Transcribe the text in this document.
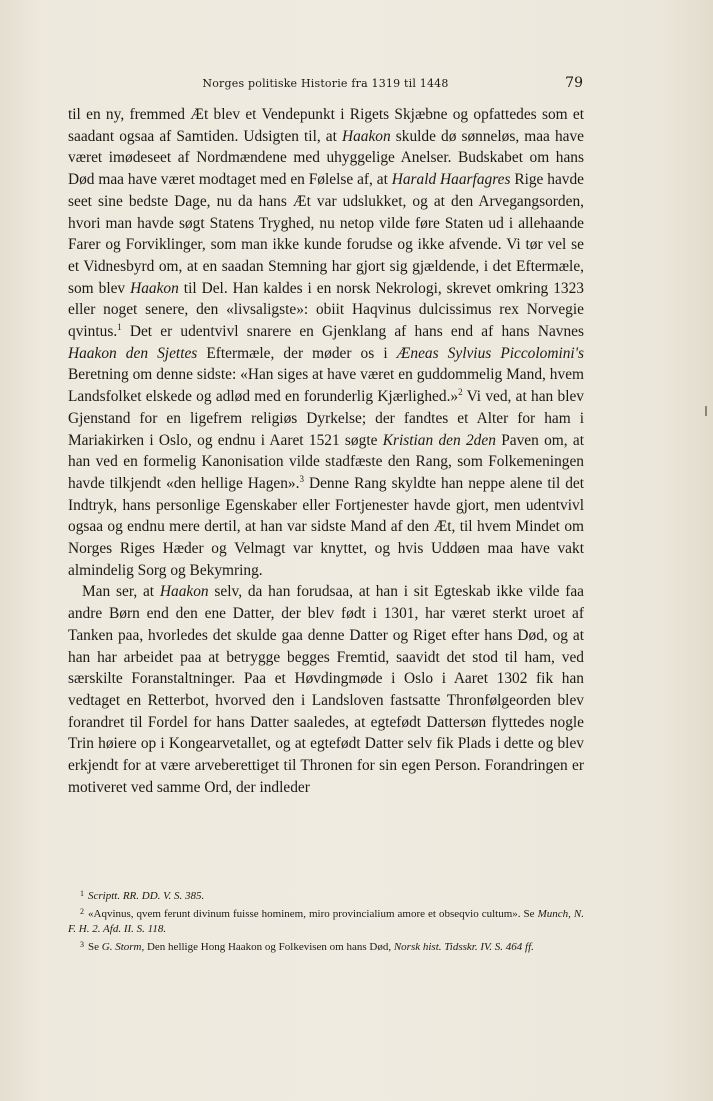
Norges politiske Historie fra 1319 til 1448	79

til en ny, fremmed Æt blev et Vendepunkt i Rigets Skjæbne og opfattedes som et saadant ogsaa af Samtiden. Udsigten til, at Haakon skulde dø sønneløs, maa have været imødeseet af Nordmændene med uhyggelige Anelser. Budskabet om hans Død maa have været modtaget med en Følelse af, at Harald Haarfagres Rige havde seet sine bedste Dage, nu da hans Æt var udslukket, og at den Arvegangsorden, hvori man havde søgt Statens Tryghed, nu netop vilde føre Staten ud i allehaande Farer og Forviklinger, som man ikke kunde forudse og ikke afvende. Vi tør vel se et Vidnesbyrd om, at en saadan Stemning har gjort sig gjældende, i det Eftermæle, som blev Haakon til Del. Han kaldes i en norsk Nekrologi, skrevet omkring 1323 eller noget senere, den «livsaligste»: obiit Haqvinus dulcissimus rex Norvegie qvintus.$^1$ Det er udentvivl snarere en Gjenklang af hans end af hans Navnes Haakon den Sjettes Eftermæle, der møder os i Æneas Sylvius Piccolomini's Beretning om denne sidste: «Han siges at have været en guddommelig Mand, hvem Landsfolket elskede og adlød med en forunderlig Kjærlighed.»$^2$ Vi ved, at han blev Gjenstand for en ligefrem religiøs Dyrkelse; der fandtes et Alter for ham i Mariakirken i Oslo, og endnu i Aaret 1521 søgte Kristian den 2den Paven om, at han ved en formelig Kanonisation vilde stadfæste den Rang, som Folkemeningen havde tilkjendt «den hellige Hagen».$^3$ Denne Rang skyldte han neppe alene til det Indtryk, hans personlige Egenskaber eller Fortjenester havde gjort, men udentvivl ogsaa og endnu mere dertil, at han var sidste Mand af den Æt, til hvem Mindet om Norges Riges Hæder og Velmagt var knyttet, og hvis Uddøen maa have vakt almindelig Sorg og Bekymring.

Man ser, at Haakon selv, da han forudsaa, at han i sit Egteskab ikke vilde faa andre Børn end den ene Datter, der blev født i 1301, har været sterkt uroet af Tanken paa, hvorledes det skulde gaa denne Datter og Riget efter hans Død, og at han har arbeidet paa at betrygge begges Fremtid, saavidt det stod til ham, ved særskilte Foranstaltninger. Paa et Høvdingmøde i Oslo i Aaret 1302 fik han vedtaget en Retterbot, hvorved den i Landsloven fastsatte Thronfølgeorden blev forandret til Fordel for hans Datter saaledes, at egtefødt Dattersøn flyttedes nogle Trin høiere op i Kongearvetallet, og at egtefødt Datter selv fik Plads i dette og blev erkjendt for at være arveberettiget til Thronen for sin egen Person. Forandringen er motiveret ved samme Ord, der indleder

$^1$ Scriptt. RR. DD. V. S. 385.

$^2$ «Aqvinus, qvem ferunt divinum fuisse hominem, miro provincialium amore et obseqvio cultum». Se Munch, N. F. H. 2. Afd. II. S. 118.

$^3$ Se G. Storm, Den hellige Hong Haakon og Folkevisen om hans Død, Norsk hist. Tidsskr. IV. S. 464 ff.
